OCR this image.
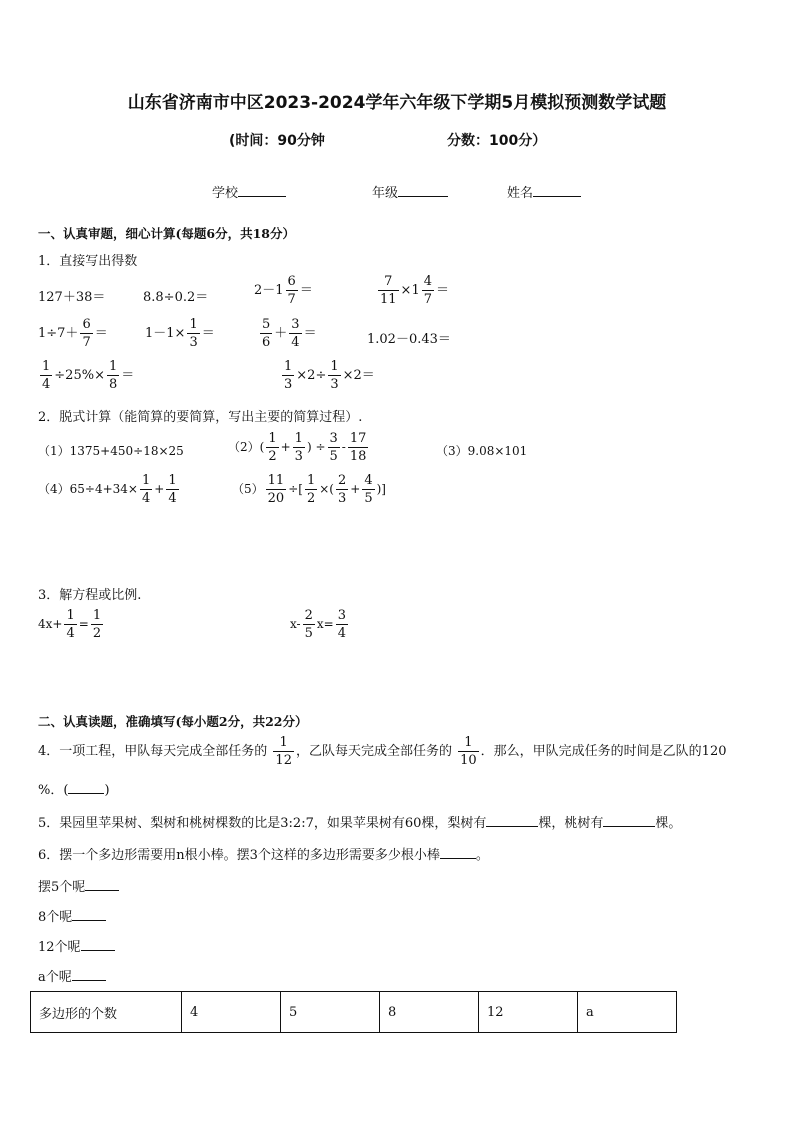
山东省济南市中区2023-2024学年六年级下学期5月模拟预测数学试题
(时间：90分钟	分数：100分）
学校	年级	姓名
一、认真审题，细心计算(每题6分，共18分）
1．直接写出得数
127＋38＝	8.8÷0.2＝	$2-1 \frac{6}{7}$ ＝	$\frac{7}{11} \times 1 \frac{4}{7}$ ＝
$1\div 7+ \frac{6}{7}$ ＝	$1-1\times \frac{1}{3}$ ＝	$\frac{5}{6} + \frac{3}{4}$ ＝	1.02－0.43＝
$\frac{1}{4} \div 25\%\times \frac{1}{8}$ ＝	$\frac{1}{3} \times 2\div \frac{1}{3} \times 2=$
2．脱式计算（能简算的要简算，写出主要的简算过程）.
（1）1375+450÷18×25	$(2)( \frac{1}{2} + \frac{1}{3}$ ) ÷ $\frac{3}{5} - \frac{17}{18}$	（3）9.08×101
$(4)65\div 4+34\times \frac{1}{4} + \frac{1}{4}$	$(5) \frac{11}{20}$ ÷[ $\frac{1}{2}$ ×( $\frac{2}{3} + \frac{4}{5}$ )]
3．解方程或比例.
$4x+ \frac{1}{4} = \frac{1}{2}$	$x- \frac{2}{5} x= \frac{3}{4}$
二、认真读题，准确填写(每小题2分，共22分）
4．一项工程，甲队每天完成全部任务的 $\frac{1}{12}$ ，乙队每天完成全部任务的 $\frac{1}{10}$ ．那么，甲队完成任务的时间是乙队的120
%．(	)
5．果园里苹果树、梨树和桃树棵数的比是3:2:7，如果苹果树有60棵，梨树有	棵，桃树有	棵。
6．摆一个多边形需要用n根小棒。摆3个这样的多边形需要多少根小棒	。
摆5个呢
8个呢
12个呢
a个呢
多边形的个数	4	5	8	12	a
